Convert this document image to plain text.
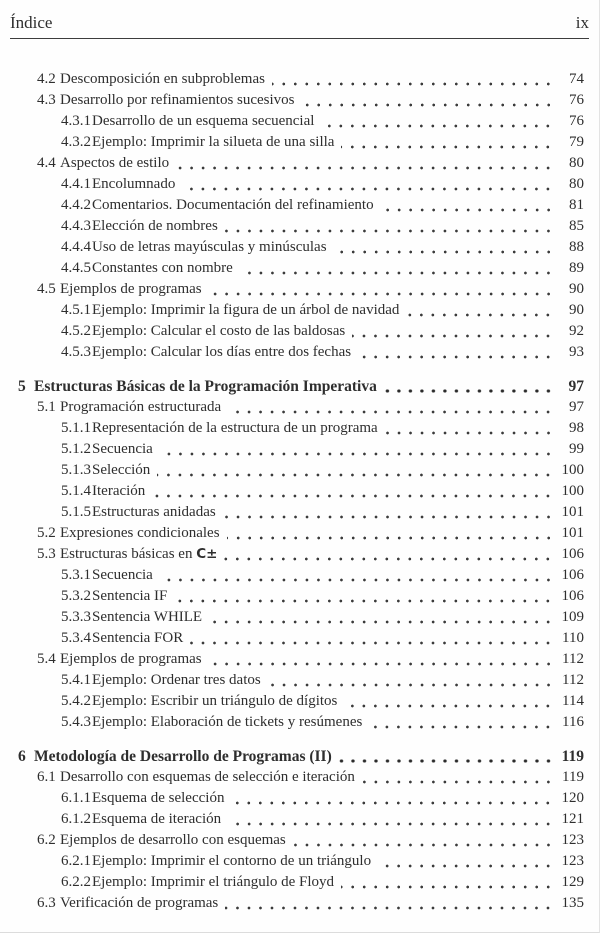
Índice	ix
4.2 Descomposición en subproblemas	74
4.3 Desarrollo por refinamientos sucesivos	76
4.3.1 Desarrollo de un esquema secuencial	76
4.3.2 Ejemplo: Imprimir la silueta de una silla	79
4.4 Aspectos de estilo	80
4.4.1 Encolumnado	80
4.4.2 Comentarios. Documentación del refinamiento	81
4.4.3 Elección de nombres	85
4.4.4 Uso de letras mayúsculas y minúsculas	88
4.4.5 Constantes con nombre	89
4.5 Ejemplos de programas	90
4.5.1 Ejemplo: Imprimir la figura de un árbol de navidad	90
4.5.2 Ejemplo: Calcular el costo de las baldosas	92
4.5.3 Ejemplo: Calcular los días entre dos fechas	93
5 Estructuras Básicas de la Programación Imperativa	97
5.1 Programación estructurada	97
5.1.1 Representación de la estructura de un programa	98
5.1.2 Secuencia	99
5.1.3 Selección	100
5.1.4 Iteración	100
5.1.5 Estructuras anidadas	101
5.2 Expresiones condicionales	101
5.3 Estructuras básicas en C±	106
5.3.1 Secuencia	106
5.3.2 Sentencia IF	106
5.3.3 Sentencia WHILE	109
5.3.4 Sentencia FOR	110
5.4 Ejemplos de programas	112
5.4.1 Ejemplo: Ordenar tres datos	112
5.4.2 Ejemplo: Escribir un triángulo de dígitos	114
5.4.3 Ejemplo: Elaboración de tickets y resúmenes	116
6 Metodología de Desarrollo de Programas (II)	119
6.1 Desarrollo con esquemas de selección e iteración	119
6.1.1 Esquema de selección	120
6.1.2 Esquema de iteración	121
6.2 Ejemplos de desarrollo con esquemas	123
6.2.1 Ejemplo: Imprimir el contorno de un triángulo	123
6.2.2 Ejemplo: Imprimir el triángulo de Floyd	129
6.3 Verificación de programas	135
